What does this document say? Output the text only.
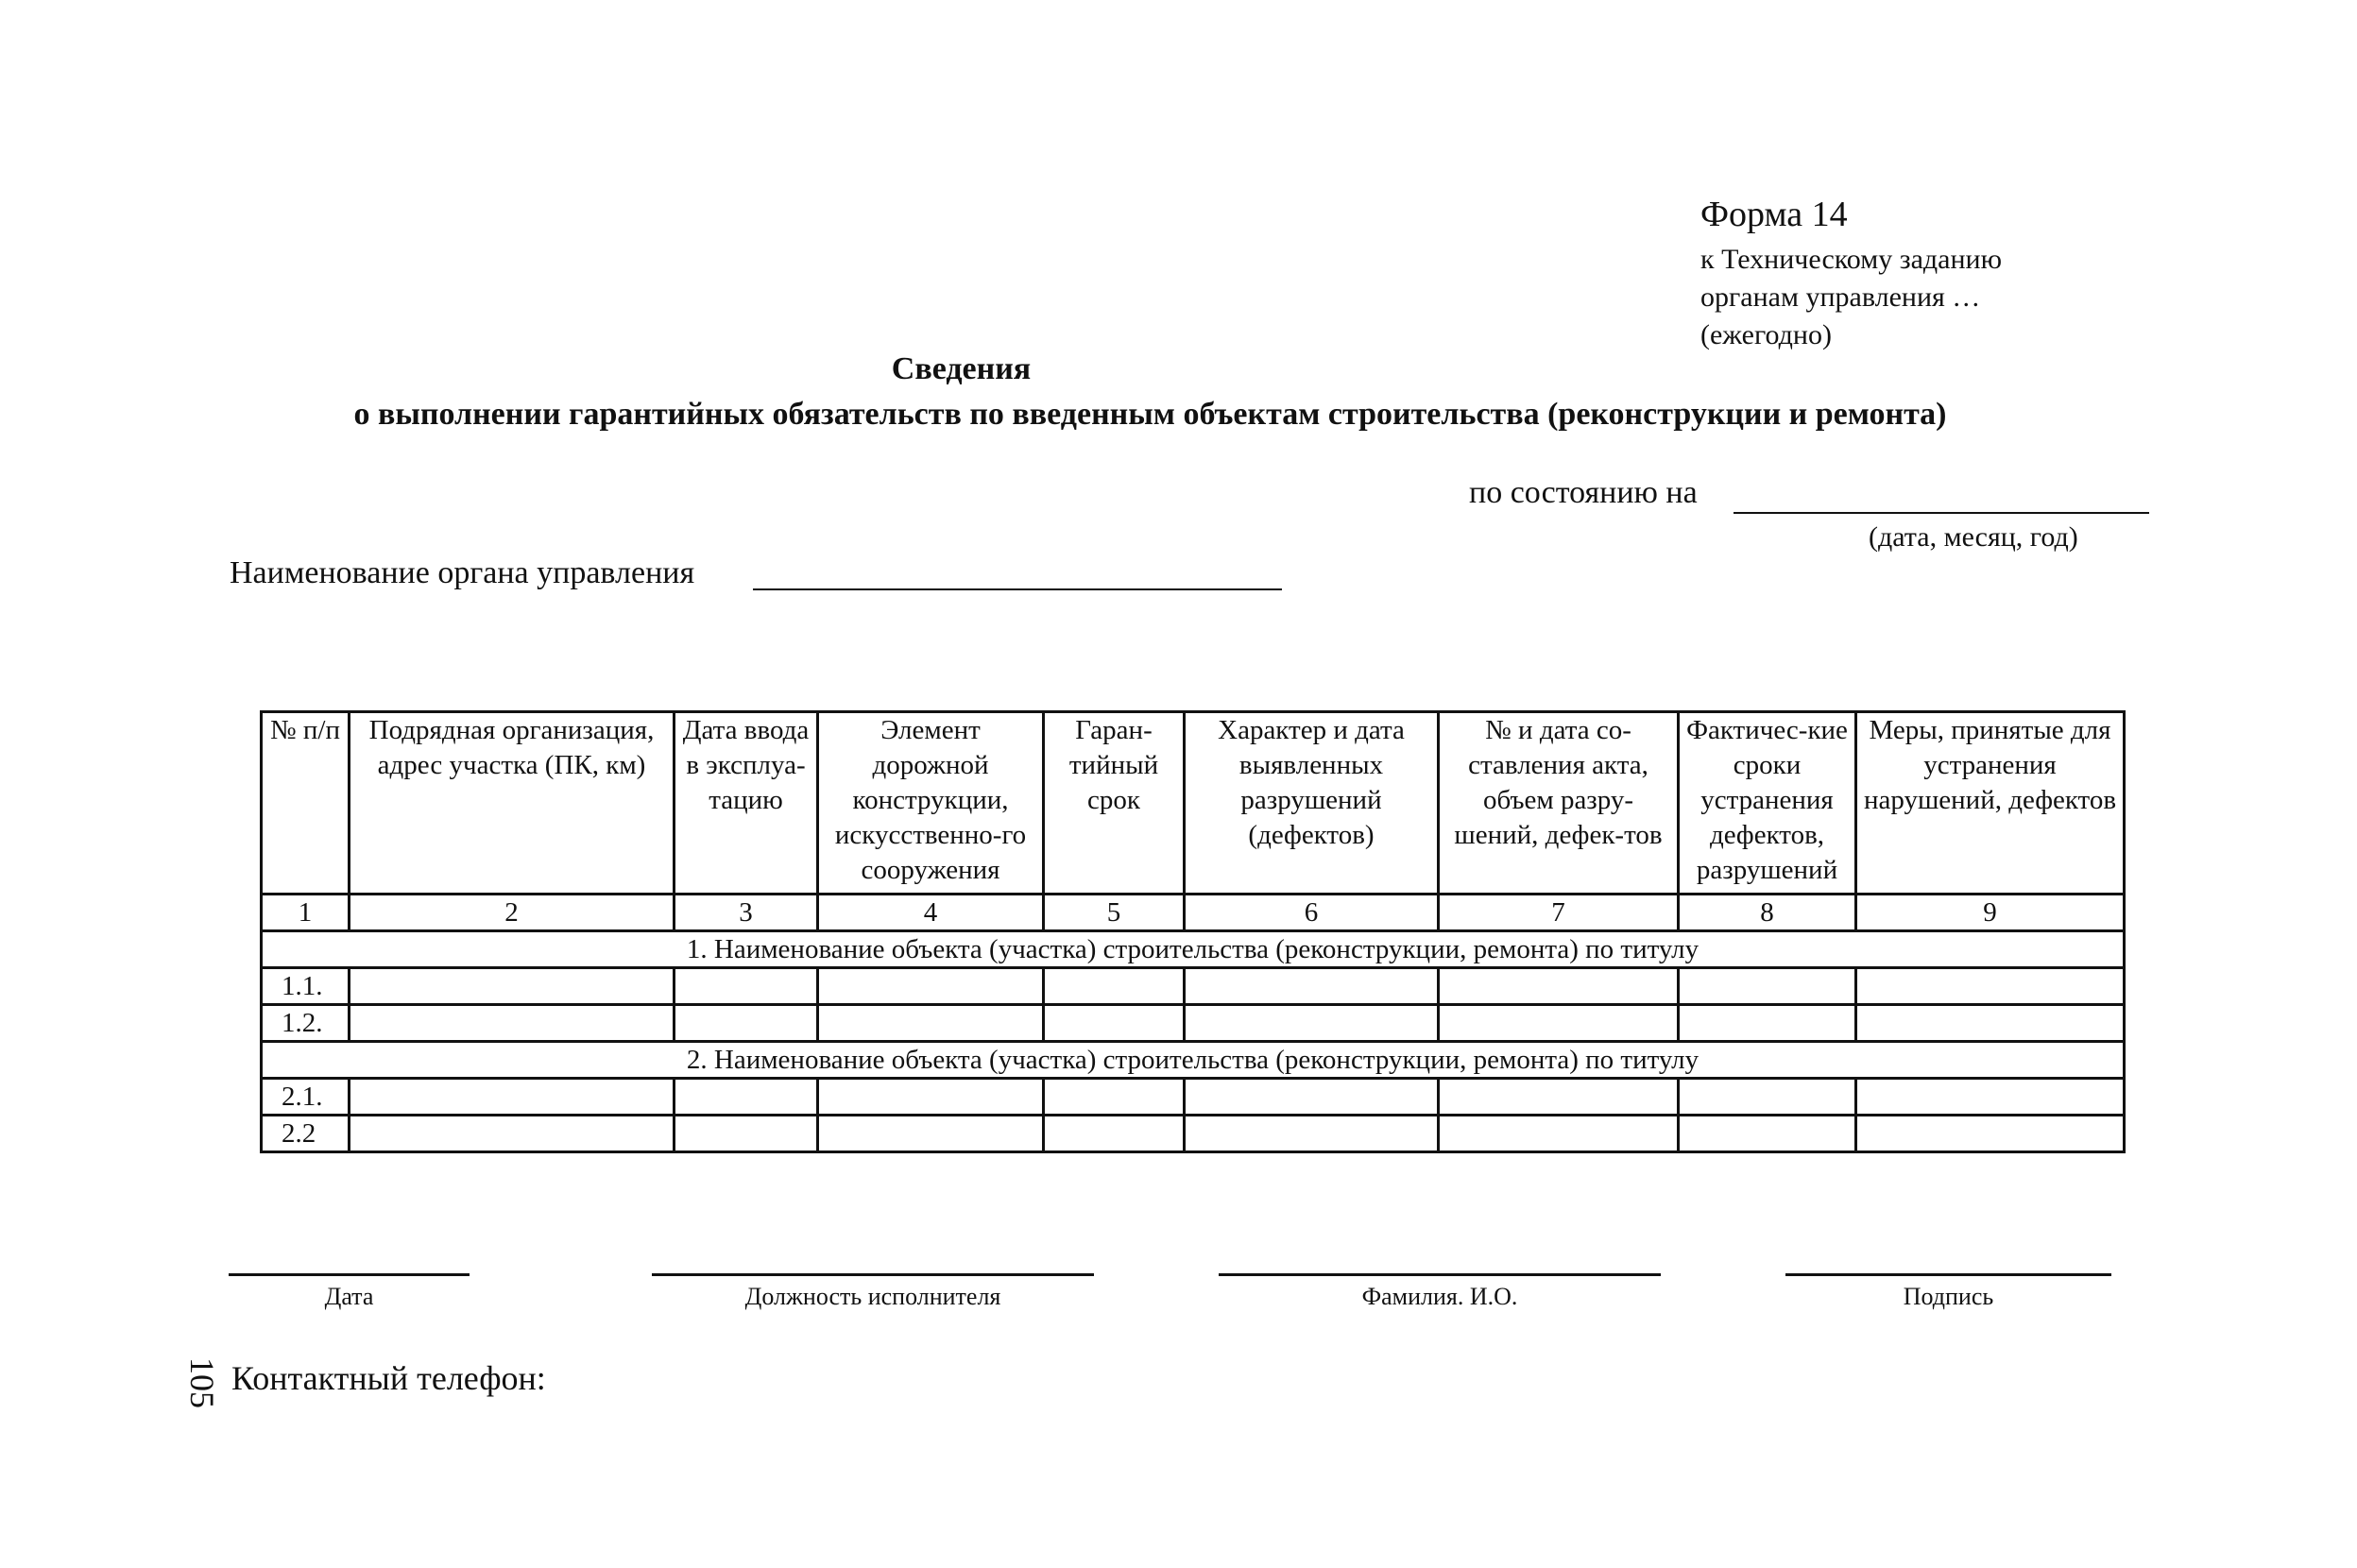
Форма 14
к Техническому заданию
органам управления …
(ежегодно)
Сведения
о выполнении гарантийных обязательств по введенным объектам строительства (реконструкции и ремонта)
по состоянию на
(дата, месяц, год)
Наименование органа управления
№ п/п	Подрядная организация, адрес участка (ПК, км)	Дата ввода в эксплуа-тацию	Элемент дорожной конструкции, искусственно-го сооружения	Гаран-тийный срок	Характер и дата выявленных разрушений (дефектов)	№ и дата со-ставления акта, объем разру-шений, дефек-тов	Фактичес-кие сроки устранения дефектов, разрушений	Меры, принятые для устранения нарушений, дефектов
1	2	3	4	5	6	7	8	9
1. Наименование объекта (участка) строительства (реконструкции, ремонта) по титулу								
1.1.								
1.2.								
2. Наименование объекта (участка) строительства (реконструкции, ремонта) по титулу								
2.1.								
2.2								
Дата	Должность исполнителя	Фамилия. И.О.	Подпись
105 Контактный телефон:
